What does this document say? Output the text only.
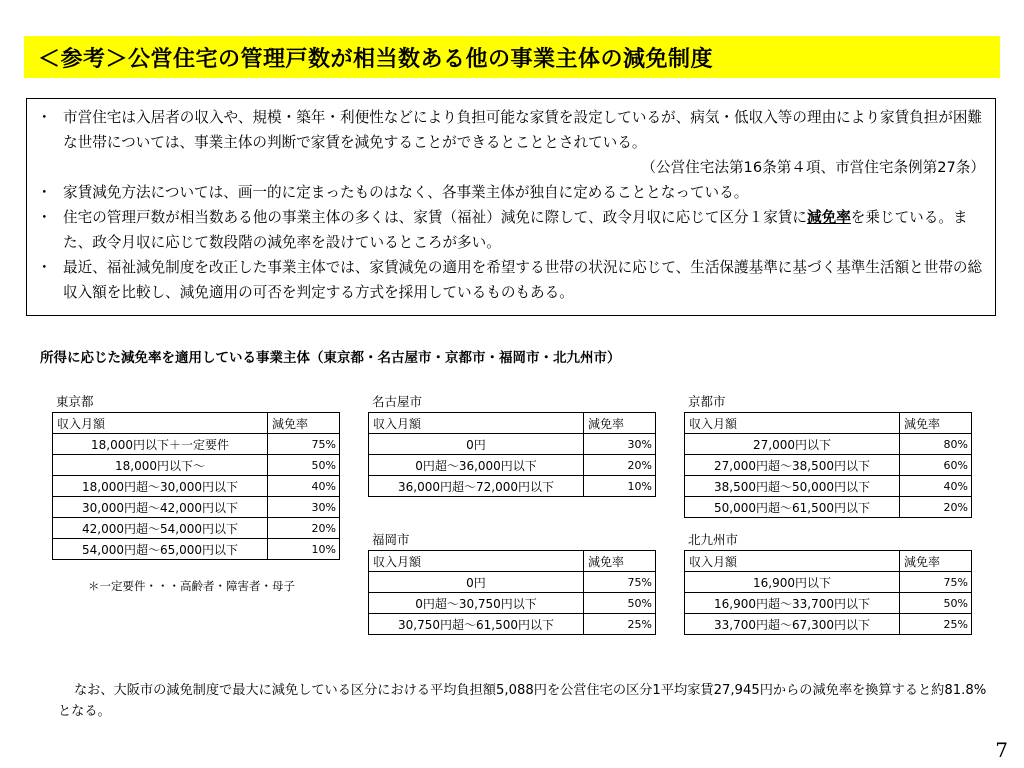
＜参考＞公営住宅の管理戸数が相当数ある他の事業主体の減免制度
・ 市営住宅は入居者の収入や、規模・築年・利便性などにより負担可能な家賃を設定しているが、病気・低収入等の理由により家賃負担が困難な世帯については、事業主体の判断で家賃を減免することができるとこととされている。

（公営住宅法第16条第４項、市営住宅条例第27条）
・ 家賃減免方法については、画一的に定まったものはなく、各事業主体が独自に定めることとなっている。
・ 住宅の管理戸数が相当数ある他の事業主体の多くは、家賃（福祉）減免に際して、政令月収に応じて区分１家賃に減免率を乗じている。また、政令月収に応じて数段階の減免率を設けているところが多い。
・ 最近、福祉減免制度を改正した事業主体では、家賃減免の適用を希望する世帯の状況に応じて、生活保護基準に基づく基準生活額と世帯の総収入額を比較し、減免適用の可否を判定する方式を採用しているものもある。
所得に応じた減免率を適用している事業主体（東京都・名古屋市・京都市・福岡市・北九州市）
東京都
収入月額	減免率
18,000円以下＋一定要件	75%
18,000円以下～	50%
18,000円超～30,000円以下	40%
30,000円超～42,000円以下	30%
42,000円超～54,000円以下	20%
54,000円超～65,000円以下	10%
＊一定要件・・・高齢者・障害者・母子
名古屋市
収入月額	減免率
0円	30%
0円超～36,000円以下	20%
36,000円超～72,000円以下	10%
福岡市
収入月額	減免率
0円	75%
0円超～30,750円以下	50%
30,750円超～61,500円以下	25%
京都市
収入月額	減免率
27,000円以下	80%
27,000円超～38,500円以下	60%
38,500円超～50,000円以下	40%
50,000円超～61,500円以下	20%
北九州市
収入月額	減免率
16,900円以下	75%
16,900円超～33,700円以下	50%
33,700円超～67,300円以下	25%
なお、大阪市の減免制度で最大に減免している区分における平均負担額5,088円を公営住宅の区分1平均家賃27,945円からの減免率を換算すると約81.8%となる。
7
